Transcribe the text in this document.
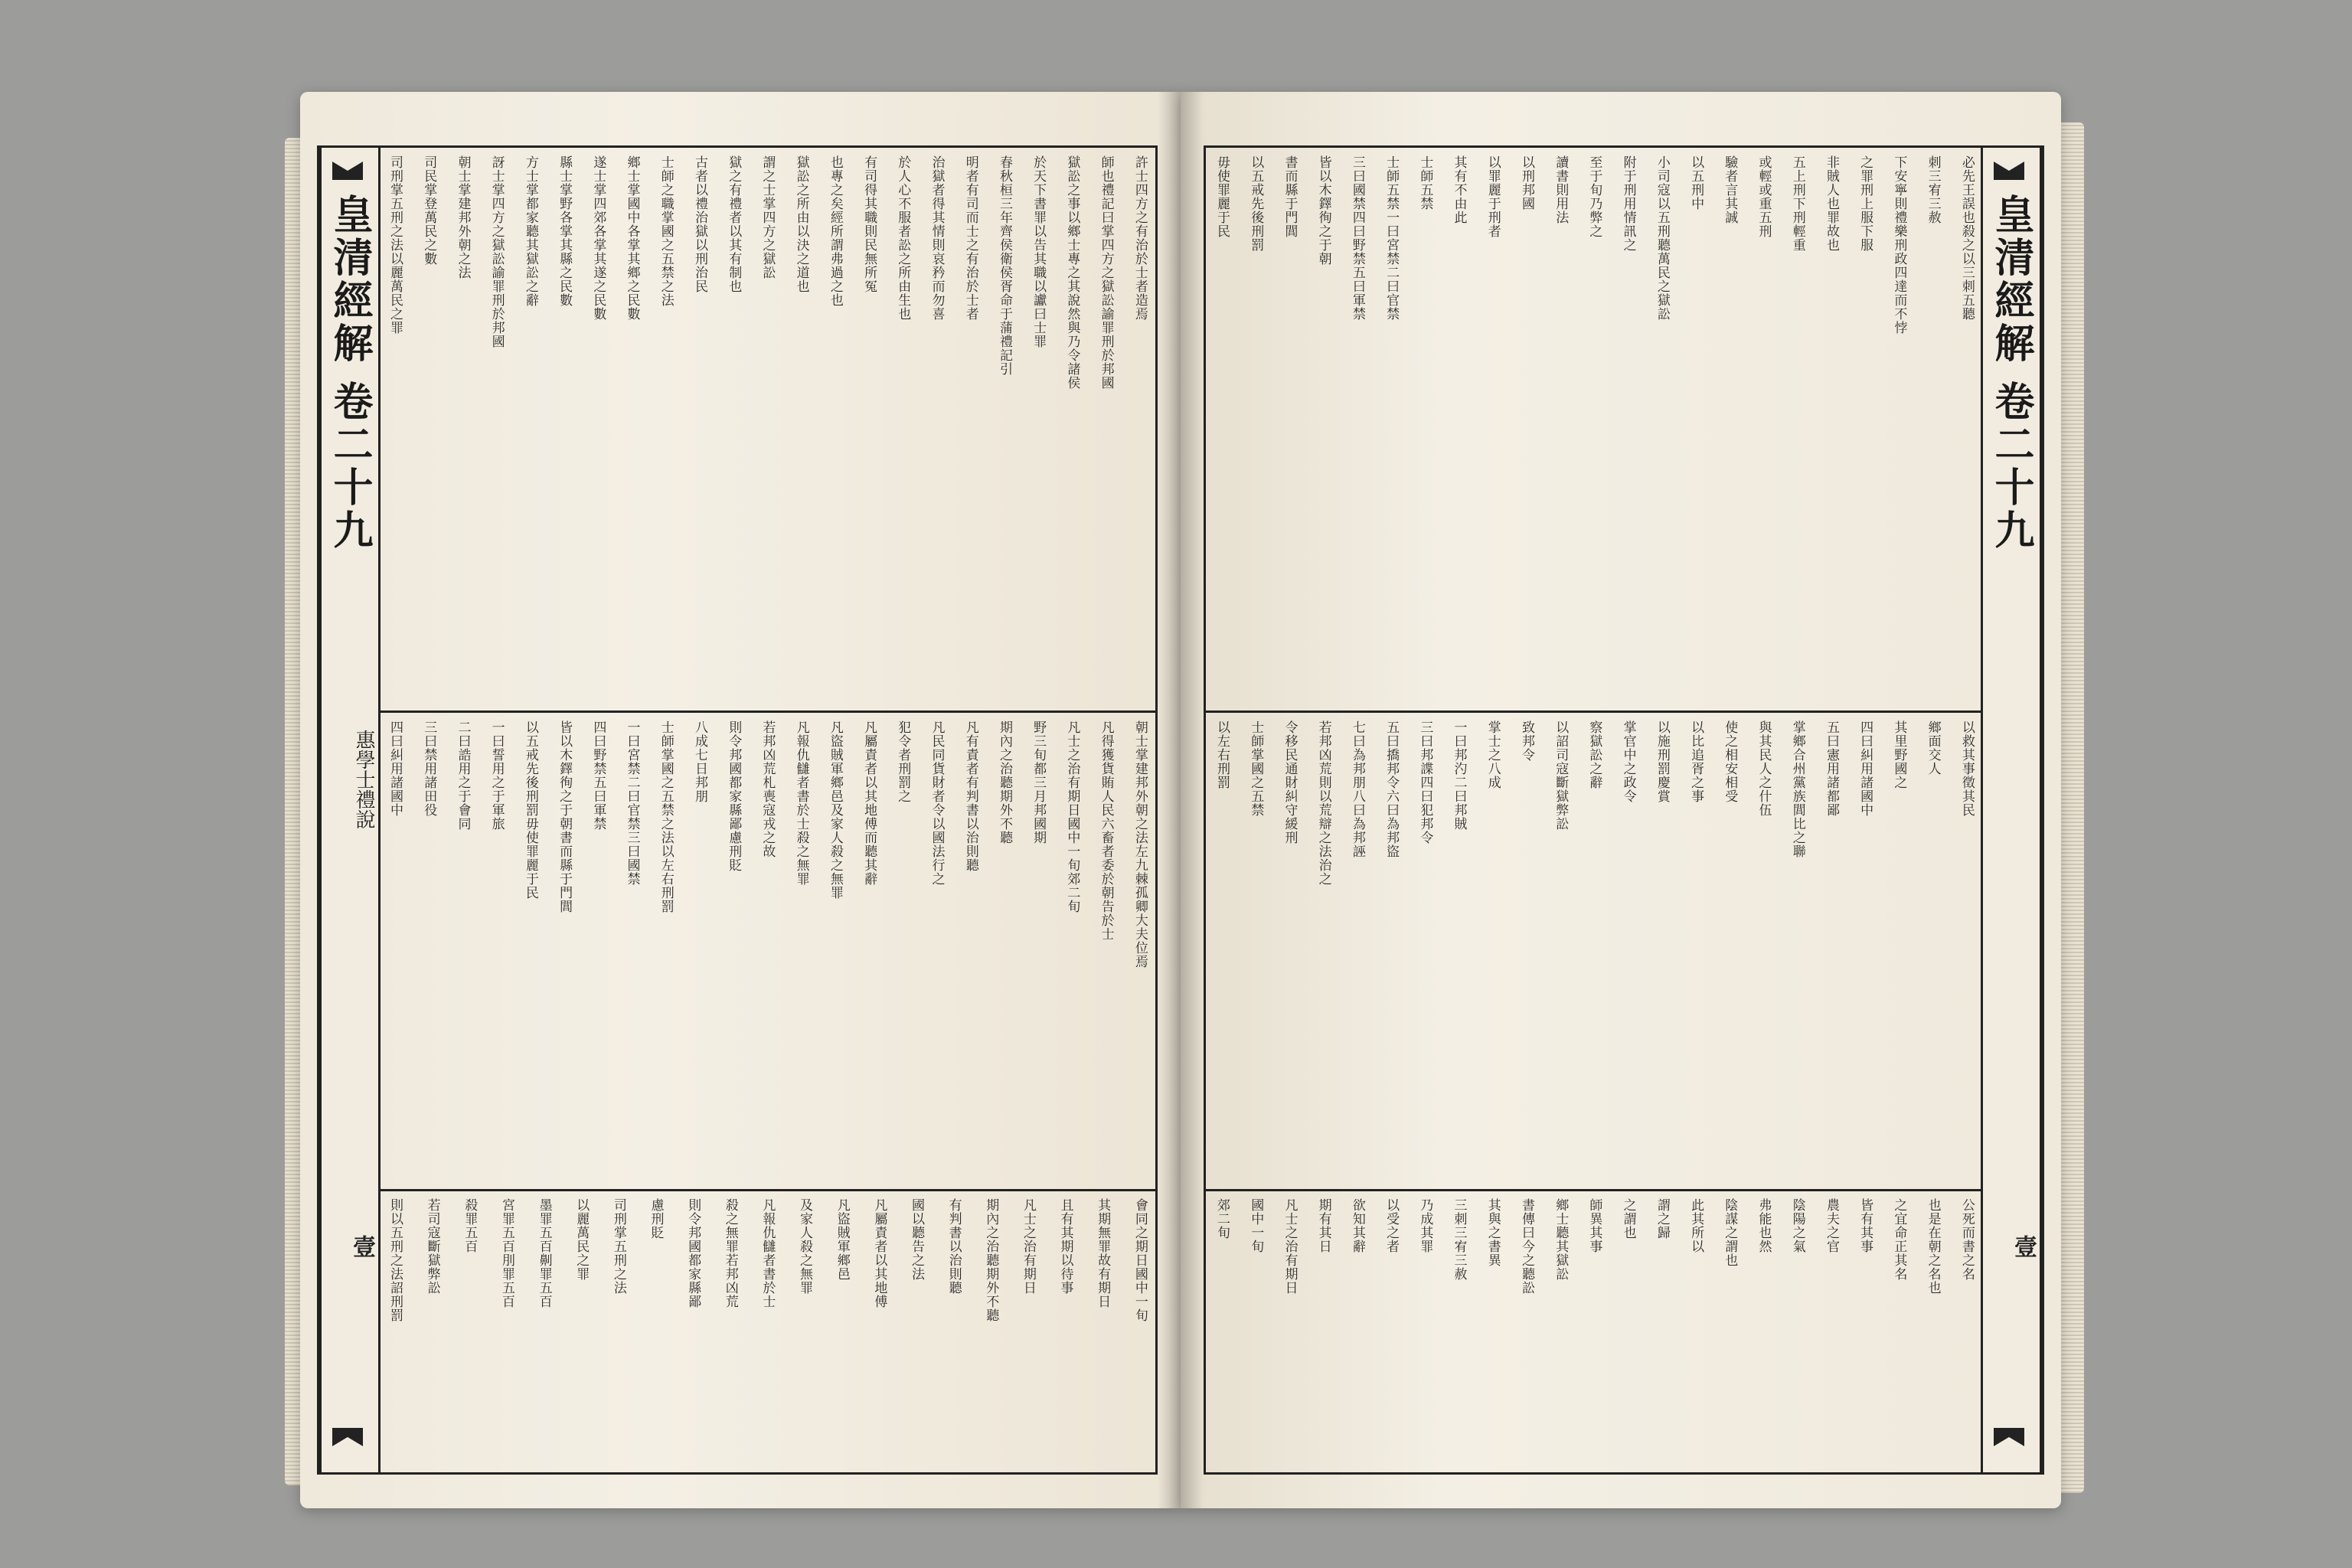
皇清經解
卷二十九
惠學士禮說
壹
許士四方之有治於士者造焉
師也禮記曰掌四方之獄訟諭罪刑於邦國
獄訟之事以鄉士專之其說然與乃令諸侯
於天下書罪以告其職以讞曰士罪
春秋桓三年齊侯衛侯胥命于蒲禮記引
明者有司而士之有治於士者
治獄者得其情則哀矜而勿喜
於人心不服者訟之所由生也
有司得其職則民無所冤
也專之矣經所謂弗過之也
獄訟之所由以決之道也
謂之士掌四方之獄訟
獄之有禮者以其有制也
古者以禮治獄以刑治民
士師之職掌國之五禁之法
鄉士掌國中各掌其鄉之民數
遂士掌四郊各掌其遂之民數
縣士掌野各掌其縣之民數
方士掌都家聽其獄訟之辭
訝士掌四方之獄訟諭罪刑於邦國
朝士掌建邦外朝之法
司民掌登萬民之數
司刑掌五刑之法以麗萬民之罪
朝士掌建邦外朝之法左九棘孤卿大夫位焉
凡得獲貨賄人民六畜者委於朝告於士
凡士之治有期日國中一旬郊二旬
野三旬都三月邦國期
期內之治聽期外不聽
凡有責者有判書以治則聽
凡民同貨財者令以國法行之
犯令者刑罰之
凡屬責者以其地傅而聽其辭
凡盜賊軍鄉邑及家人殺之無罪
凡報仇讎者書於士殺之無罪
若邦凶荒札喪寇戎之故
則令邦國都家縣鄙慮刑貶
八成七日邦朋
士師掌國之五禁之法以左右刑罰
一曰宮禁二曰官禁三曰國禁
四曰野禁五曰軍禁
皆以木鐸徇之于朝書而縣于門閭
以五戒先後刑罰毋使罪麗于民
一曰誓用之于軍旅
二曰誥用之于會同
三曰禁用諸田役
四曰糾用諸國中
會同之期日國中一旬
其期無罪故有期日
且有其期以待事
凡士之治有期日
期內之治聽期外不聽
有判書以治則聽
國以聽告之法
凡屬責者以其地傅
凡盜賊軍鄉邑
及家人殺之無罪
凡報仇讎者書於士
殺之無罪若邦凶荒
則令邦國都家縣鄙
慮刑貶
司刑掌五刑之法
以麗萬民之罪
墨罪五百劓罪五百
宮罪五百刖罪五百
殺罪五百
若司寇斷獄弊訟
則以五刑之法詔刑罰
皇清經解
卷二十九
壹
必先王誤也殺之以三刺五聽
刺三宥三赦
下安寧則禮樂刑政四達而不悖
之罪刑上服下服
非賊人也罪故也
五上刑下刑輕重
或輕或重五刑
驗者言其誠
以五刑中
小司寇以五刑聽萬民之獄訟
附于刑用情訊之
至于旬乃弊之
讀書則用法
以刑邦國
以罪麗于刑者
其有不由此
士師五禁
士師五禁一曰宮禁二曰官禁
三曰國禁四曰野禁五曰軍禁
皆以木鐸徇之于朝
書而縣于門閭
以五戒先後刑罰
毋使罪麗于民
以救其事徵其民
鄉面交人
其里野國之
四曰糾用諸國中
五曰憲用諸都鄙
掌鄉合州黨族閭比之聯
與其民人之什伍
使之相安相受
以比追胥之事
以施刑罰慶賞
掌官中之政令
察獄訟之辭
以詔司寇斷獄弊訟
致邦令
掌士之八成
一曰邦汋二曰邦賊
三曰邦諜四曰犯邦令
五曰撟邦令六曰為邦盜
七曰為邦朋八曰為邦誣
若邦凶荒則以荒辯之法治之
令移民通財糾守緩刑
士師掌國之五禁
以左右刑罰
公死而書之名
也是在朝之名也
之宜命正其名
皆有其事
農夫之官
陰陽之氣
弗能也然
陰謀之謂也
此其所以
謂之歸
之謂也
師異其事
鄉士聽其獄訟
書傳曰今之聽訟
其與之書異
三刺三宥三赦
乃成其罪
以受之者
欲知其辭
期有其日
凡士之治有期日
國中一旬
郊二旬
